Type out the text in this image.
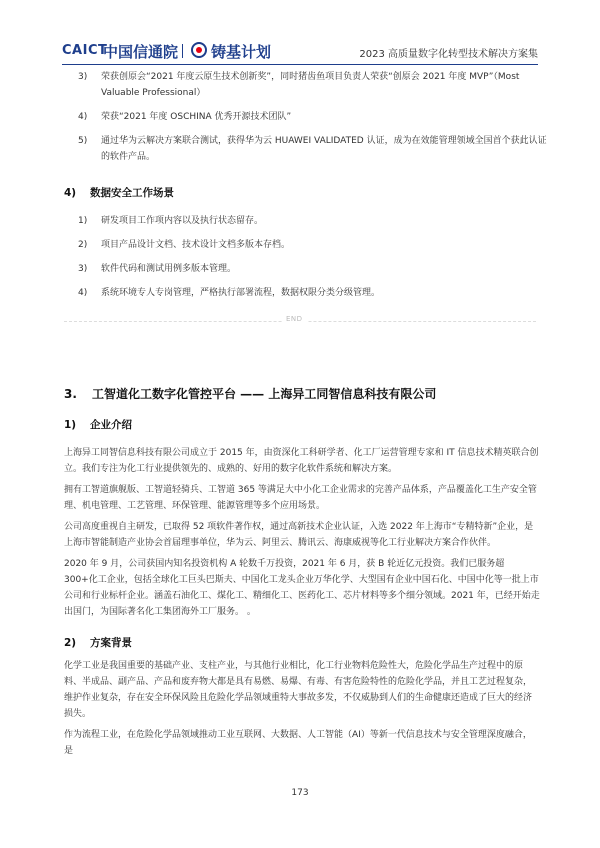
CAICT
中国信通院 铸基计划	2023 高质量数字化转型技术解决方案集
3) 荣获创原会“2021 年度云原生技术创新奖”，同时猪齿鱼项目负责人荣获“创原会 2021 年度 MVP”（Most Valuable Professional）
4) 荣获“2021 年度 OSCHINA 优秀开源技术团队”
5) 通过华为云解决方案联合测试，获得华为云 HUAWEI VALIDATED 认证，成为在效能管理领域全国首个获此认证的软件产品。
4) 数据安全工作场景
1) 研发项目工作项内容以及执行状态留存。
2) 项目产品设计文档、技术设计文档多版本存档。
3) 软件代码和测试用例多版本管理。
4) 系统环境专人专岗管理，严格执行部署流程，数据权限分类分级管理。
END
3. 工智道化工数字化管控平台 —— 上海异工同智信息科技有限公司
1) 企业介绍
上海异工同智信息科技有限公司成立于 2015 年，由资深化工科研学者、化工厂运营管理专家和 IT 信息技术精英联合创立。我们专注为化工行业提供领先的、成熟的、好用的数字化软件系统和解决方案。
拥有工智道旗舰版、工智道轻骑兵、工智道 365 等满足大中小化工企业需求的完善产品体系，产品覆盖化工生产安全管理、机电管理、工艺管理、环保管理、能源管理等多个应用场景。
公司高度重视自主研发，已取得 52 项软件著作权，通过高新技术企业认证，入选 2022 年上海市“专精特新”企业，是上海市智能制造产业协会首届理事单位，华为云、阿里云、腾讯云、海康威视等化工行业解决方案合作伙伴。
2020 年 9 月，公司获国内知名投资机构 A 轮数千万投资，2021 年 6 月，获 B 轮近亿元投资。我们已服务超 300+化工企业，包括全球化工巨头巴斯夫、中国化工龙头企业万华化学、大型国有企业中国石化、中国中化等一批上市公司和行业标杆企业。涵盖石油化工、煤化工、精细化工、医药化工、芯片材料等多个细分领域。2021 年，已经开始走出国门，为国际著名化工集团海外工厂服务。 。
2) 方案背景
化学工业是我国重要的基础产业、支柱产业，与其他行业相比，化工行业物料危险性大，危险化学品生产过程中的原料、半成品、副产品、产品和废弃物大都是具有易燃、易爆、有毒、有害危险特性的危险化学品，并且工艺过程复杂，维护作业复杂，存在安全环保风险且危险化学品领域重特大事故多发，不仅威胁到人们的生命健康还造成了巨大的经济损失。
作为流程工业，在危险化学品领域推动工业互联网、大数据、人工智能（AI）等新一代信息技术与安全管理深度融合，是
173
